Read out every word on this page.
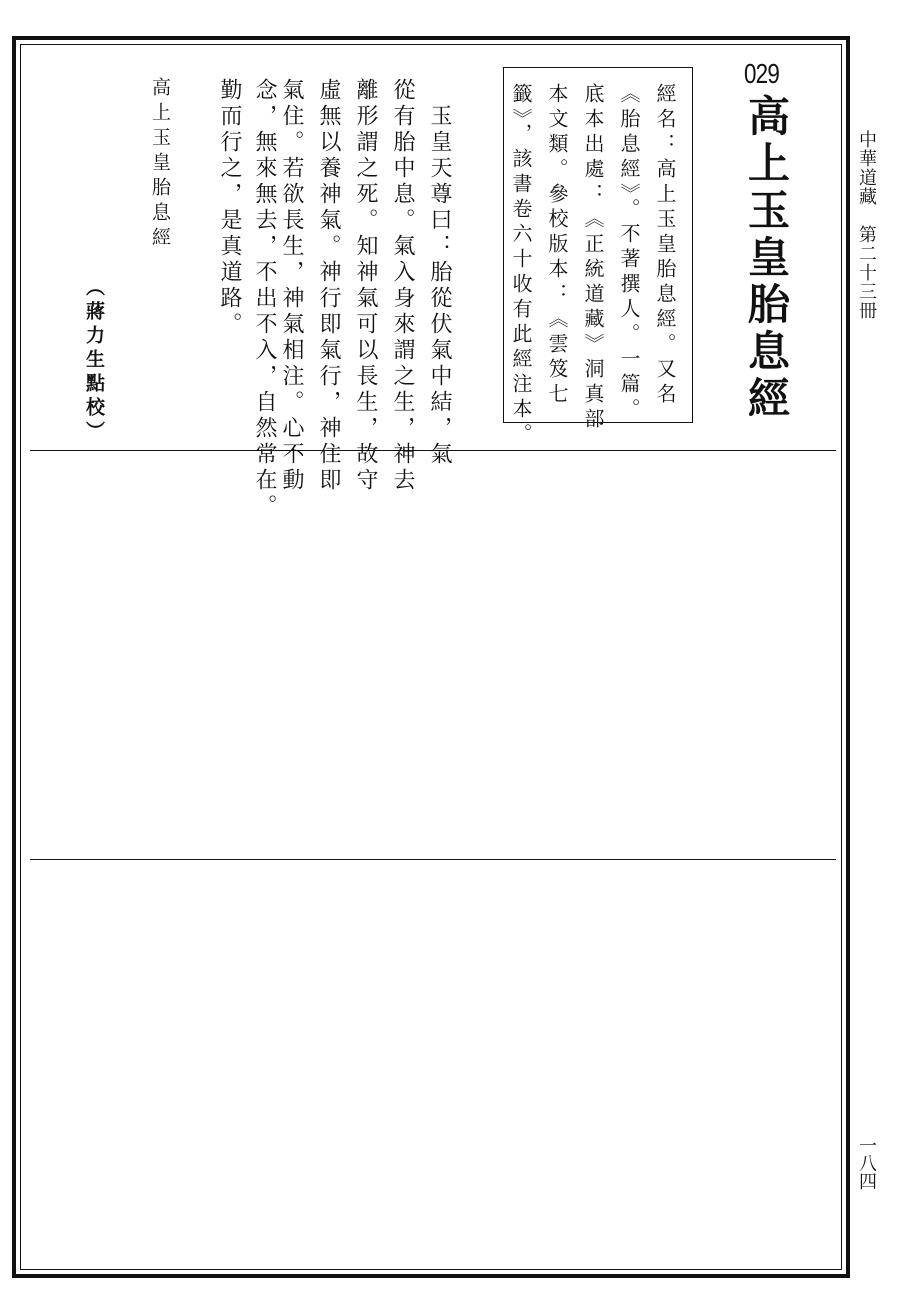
中華道藏　第二十三冊
一八四
029
高上玉皇胎息經
經名：高上玉皇胎息經。又名
《胎息經》。不著撰人。一篇。
底本出處：《正統道藏》洞真部
本文類。參校版本：《雲笈七
籤》，該書卷六十收有此經注本。
玉皇天尊曰：胎從伏氣中結，氣
從有胎中息。氣入身來謂之生，神去
離形謂之死。知神氣可以長生，故守
虛無以養神氣。神行即氣行，神住即
氣住。若欲長生，神氣相注。心不動
念，無來無去，不出不入，自然常在。
勤而行之，是真道路。
高上玉皇胎息經
（蔣力生點校）
